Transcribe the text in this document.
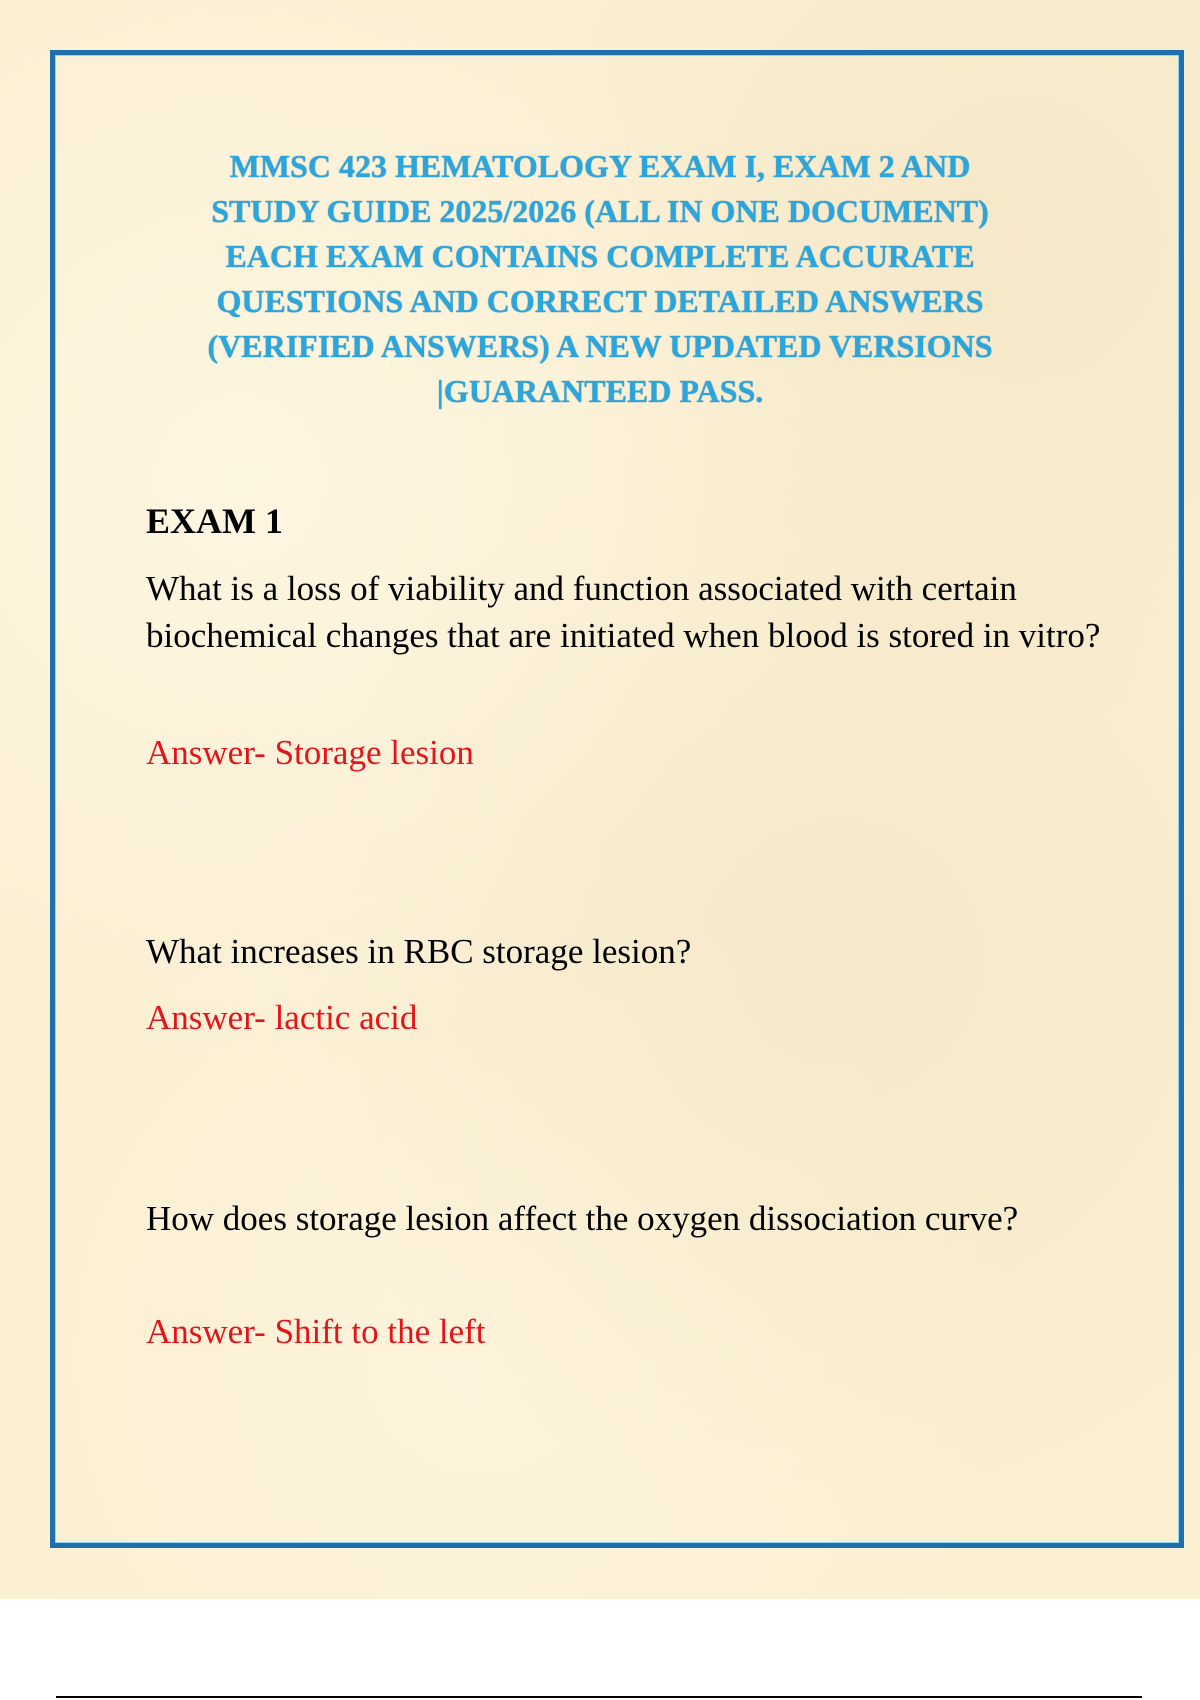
MMSC 423 HEMATOLOGY EXAM I, EXAM 2 AND
STUDY GUIDE 2025/2026 (ALL IN ONE DOCUMENT)
EACH EXAM CONTAINS COMPLETE ACCURATE
QUESTIONS AND CORRECT DETAILED ANSWERS
(VERIFIED ANSWERS) A NEW UPDATED VERSIONS
|GUARANTEED PASS.
EXAM 1
What is a loss of viability and function associated with certain biochemical changes that are initiated when blood is stored in vitro?
Answer- Storage lesion
What increases in RBC storage lesion?
Answer- lactic acid
How does storage lesion affect the oxygen dissociation curve?
Answer- Shift to the left
